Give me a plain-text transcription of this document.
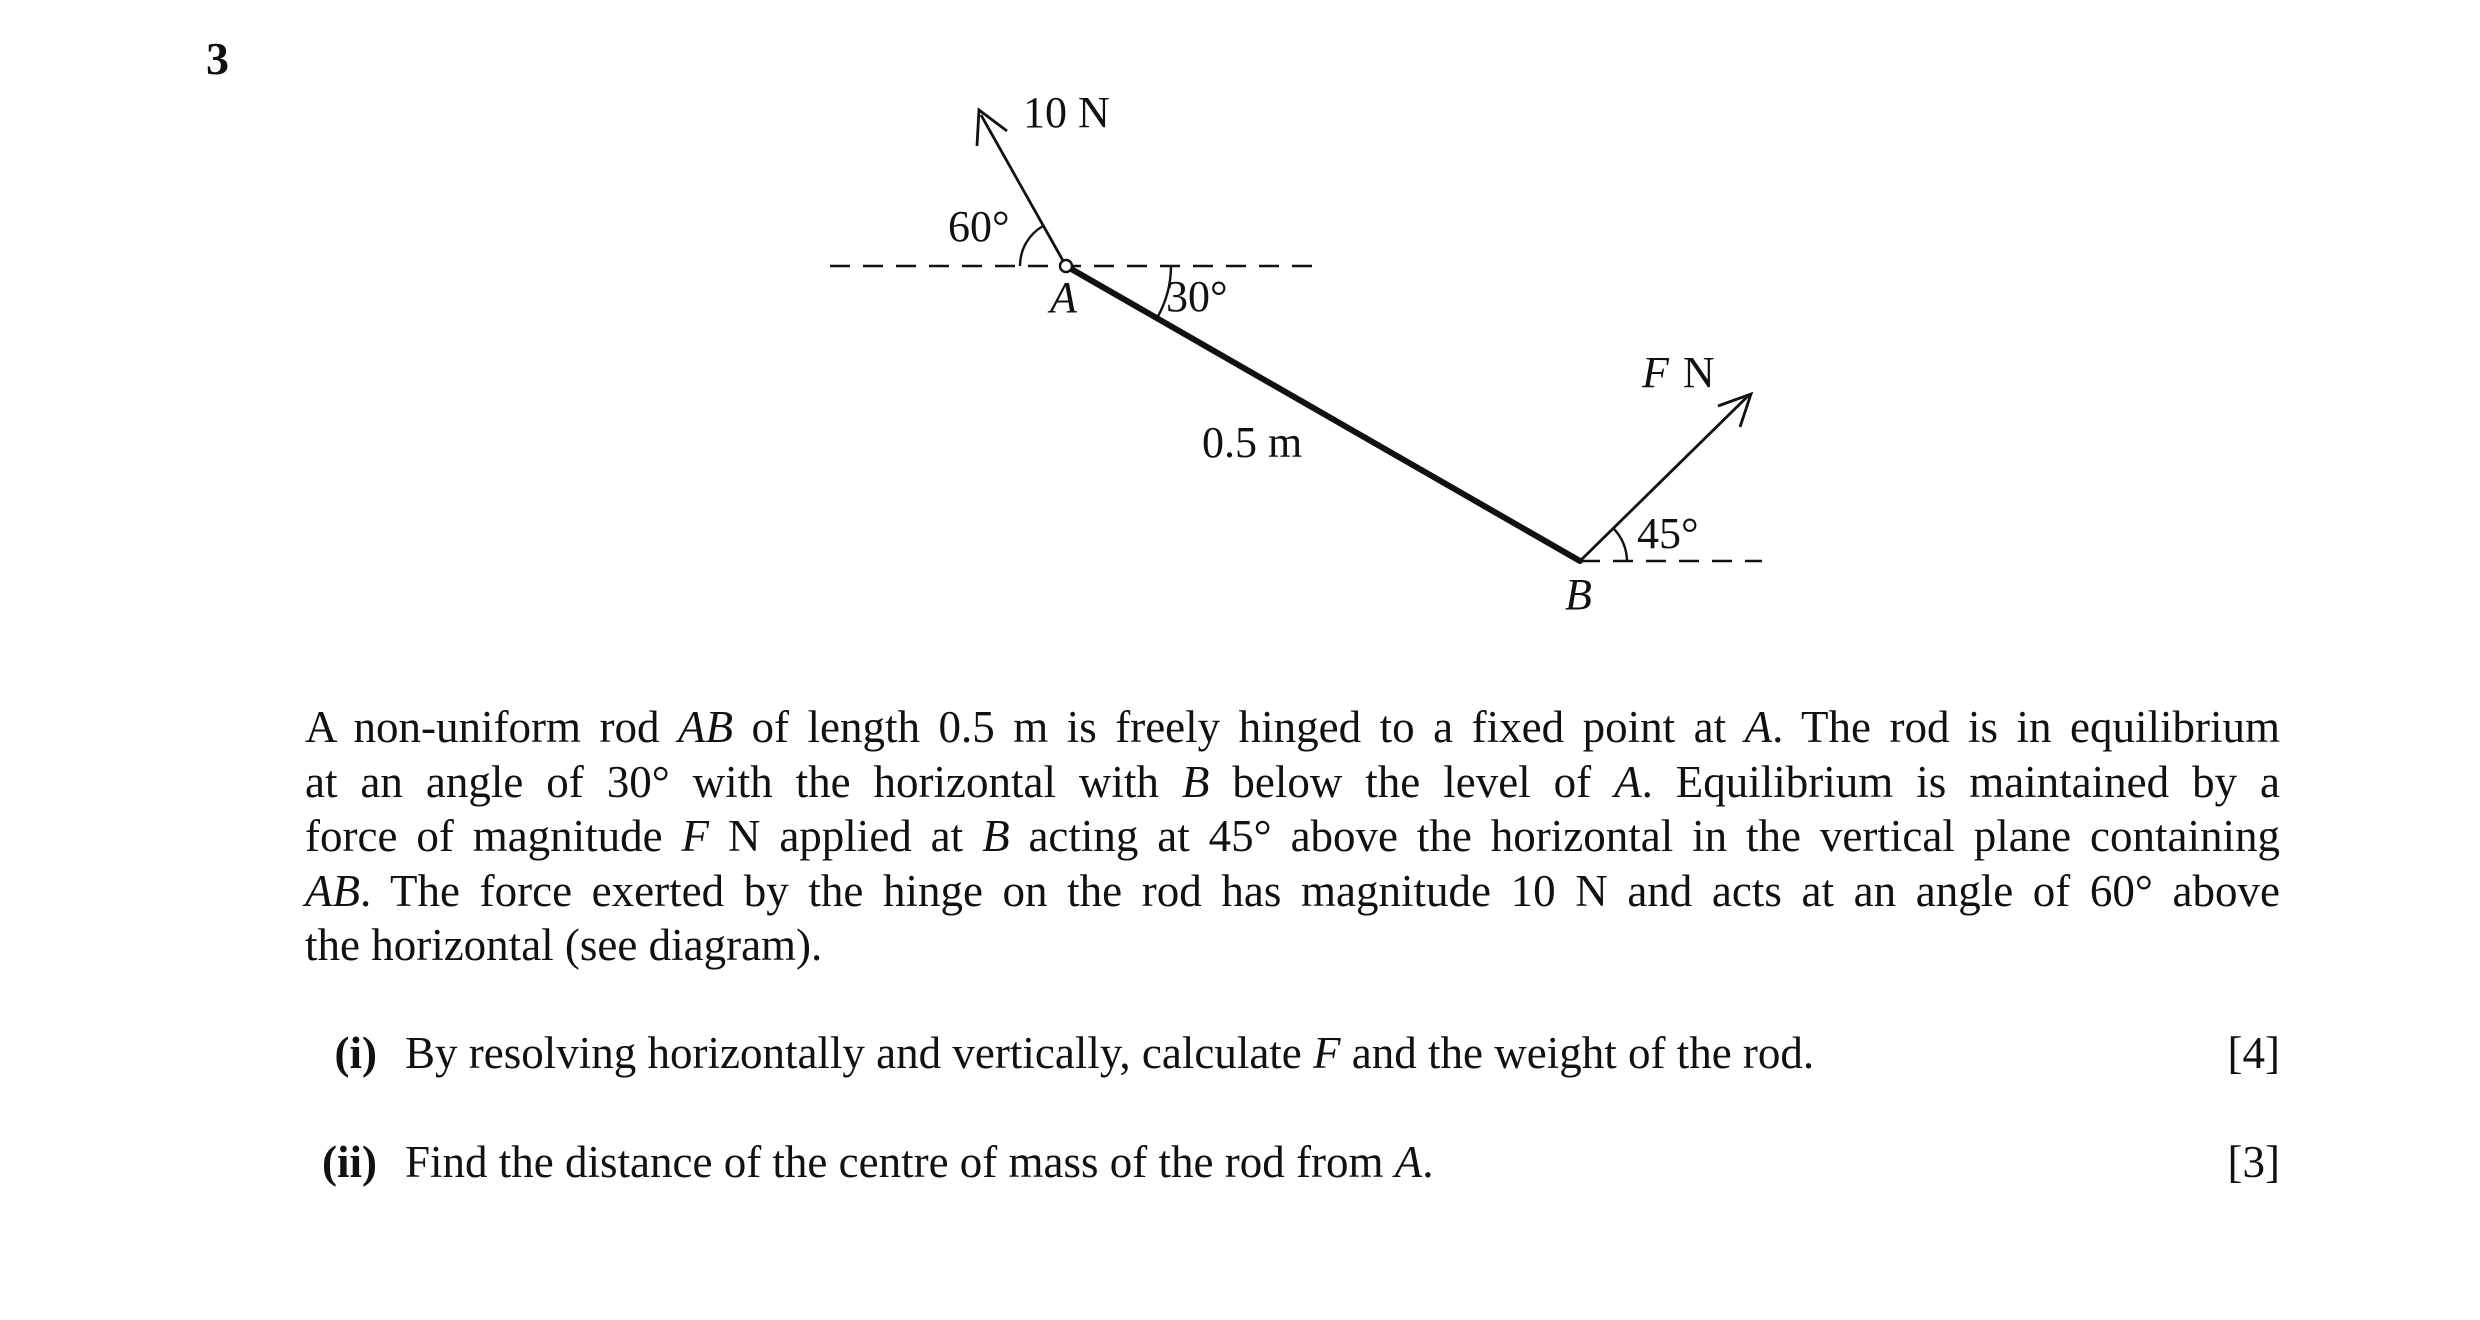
3
10 N
60°
A 30°
0.5 m
F N
45°
B
A non-uniform rod AB of length 0.5 m is freely hinged to a fixed point at A. The rod is in equilibrium
at an angle of 30° with the horizontal with B below the level of A. Equilibrium is maintained by a
force of magnitude F N applied at B acting at 45° above the horizontal in the vertical plane containing
AB. The force exerted by the hinge on the rod has magnitude 10 N and acts at an angle of 60° above
the horizontal (see diagram).
(i) By resolving horizontally and vertically, calculate F and the weight of the rod.	[4]
(ii) Find the distance of the centre of mass of the rod from A.	[3]
